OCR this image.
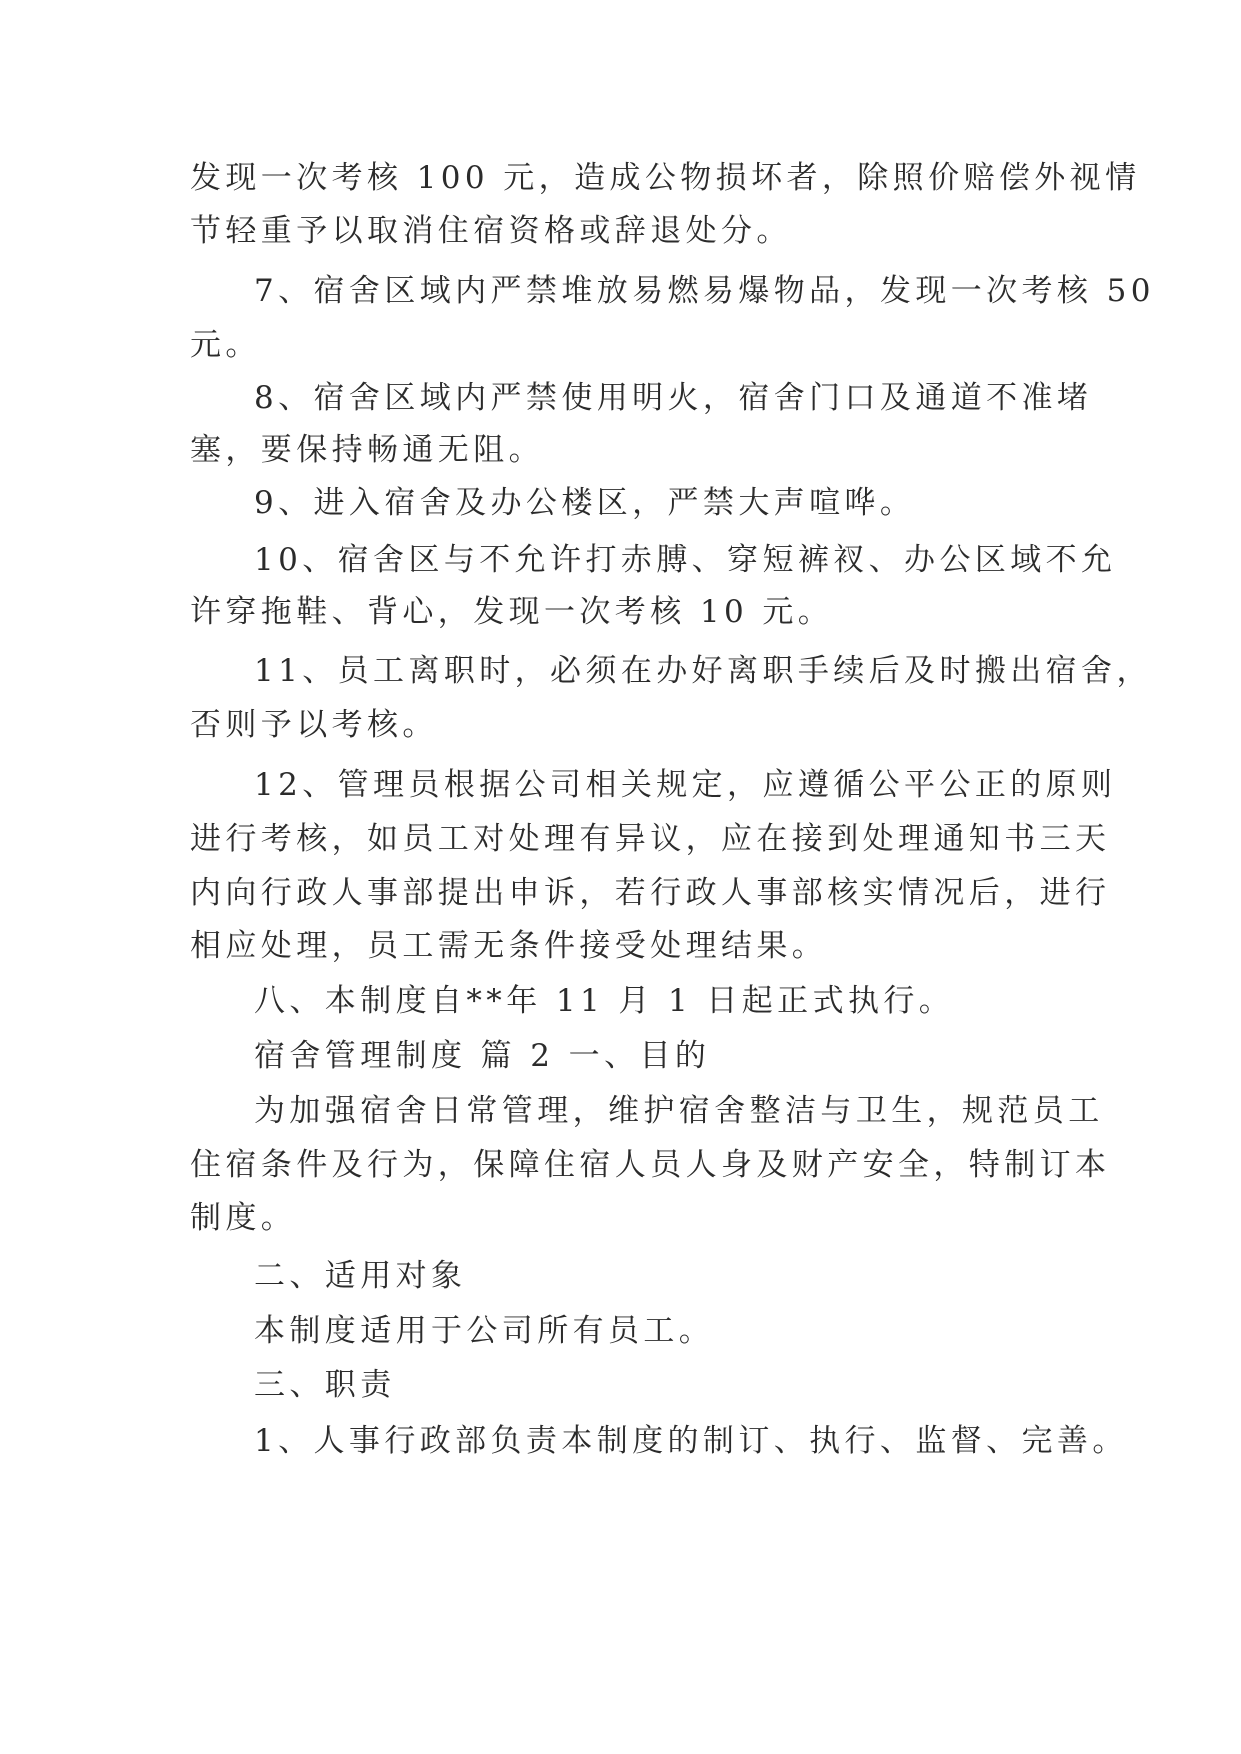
发现一次考核 100 元，造成公物损坏者，除照价赔偿外视情
节轻重予以取消住宿资格或辞退处分。
7、宿舍区域内严禁堆放易燃易爆物品，发现一次考核 50
元。
8、宿舍区域内严禁使用明火，宿舍门口及通道不准堵
塞，要保持畅通无阻。
9、进入宿舍及办公楼区，严禁大声喧哗。
10、宿舍区与不允许打赤膊、穿短裤衩、办公区域不允
许穿拖鞋、背心，发现一次考核 10 元。
11、员工离职时，必须在办好离职手续后及时搬出宿舍，
否则予以考核。
12、管理员根据公司相关规定，应遵循公平公正的原则
进行考核，如员工对处理有异议，应在接到处理通知书三天
内向行政人事部提出申诉，若行政人事部核实情况后，进行
相应处理，员工需无条件接受处理结果。
八、本制度自**年 11 月 1 日起正式执行。
宿舍管理制度 篇 2 一、目的
为加强宿舍日常管理，维护宿舍整洁与卫生，规范员工
住宿条件及行为，保障住宿人员人身及财产安全，特制订本
制度。
二、适用对象
本制度适用于公司所有员工。
三、职责
1、人事行政部负责本制度的制订、执行、监督、完善。
